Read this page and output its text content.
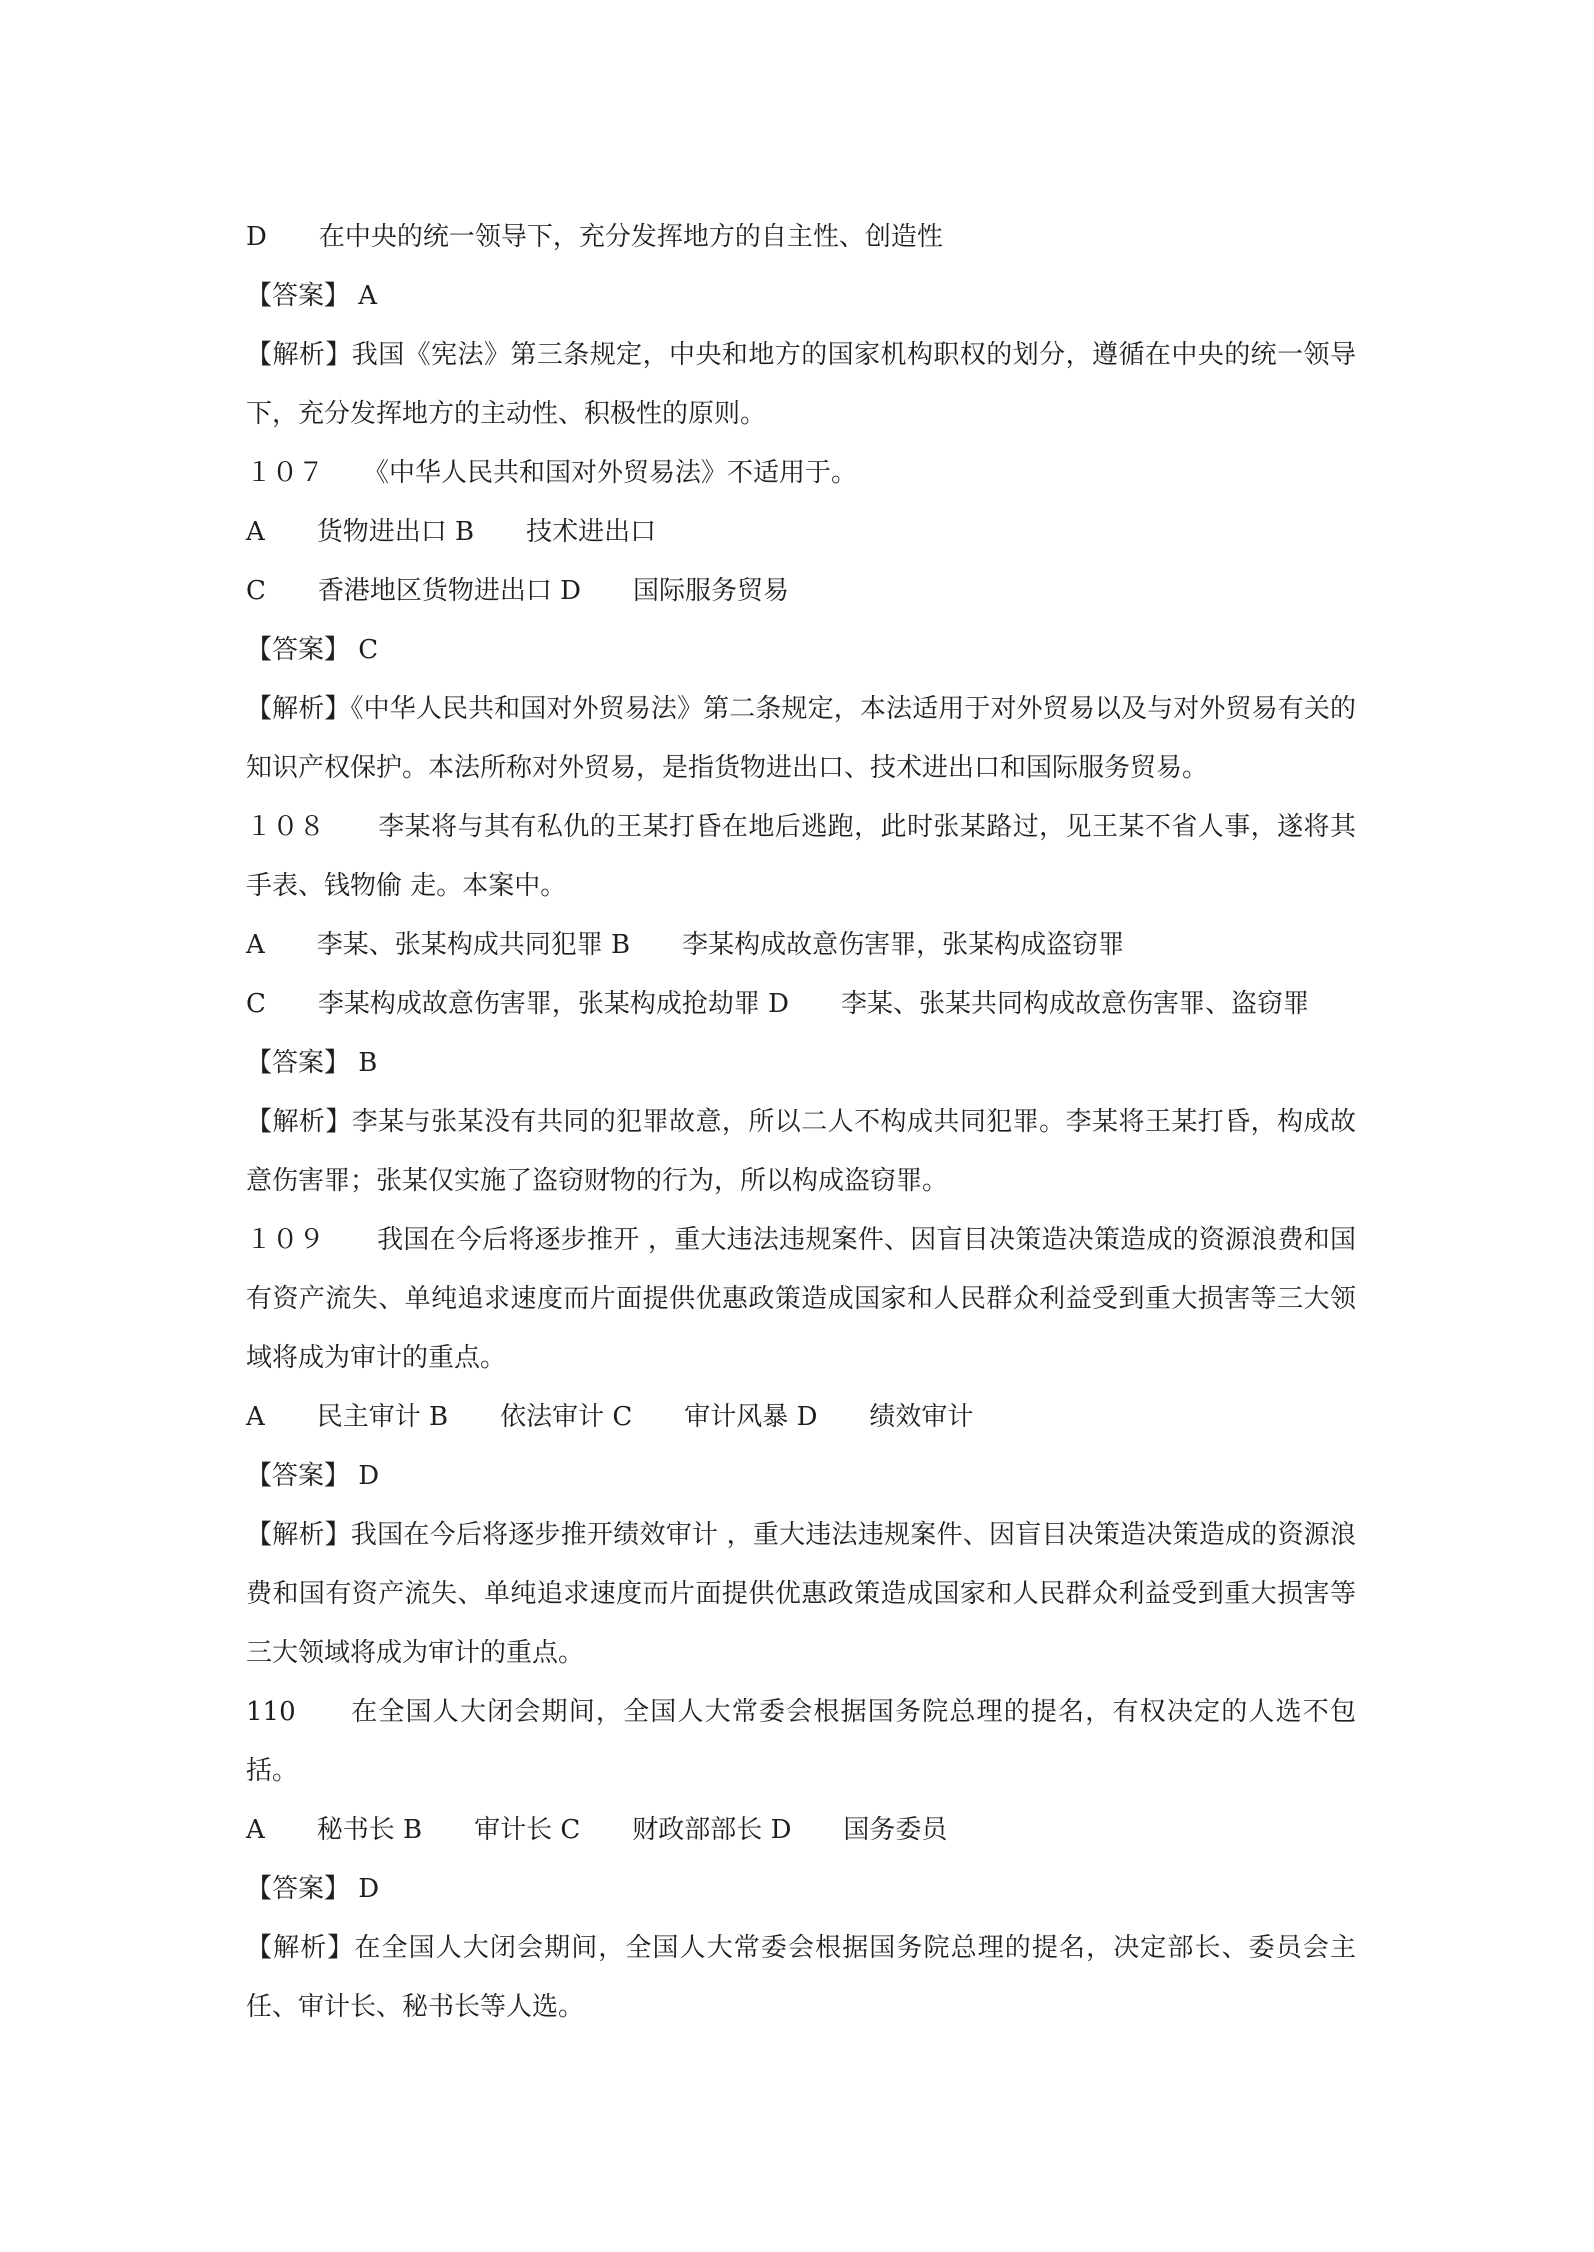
D　　在中央的统一领导下，充分发挥地方的自主性、创造性
【答案】 A
【解析】我国《宪法》第三条规定，中央和地方的国家机构职权的划分，遵循在中央的统一领导下，充分发挥地方的主动性、积极性的原则。
１０７　　《中华人民共和国对外贸易法》不适用于。
A　　货物进出口 B　　技术进出口
C　　香港地区货物进出口 D　　国际服务贸易
【答案】 C
【解析】《中华人民共和国对外贸易法》第二条规定，本法适用于对外贸易以及与对外贸易有关的知识产权保护。本法所称对外贸易，是指货物进出口、技术进出口和国际服务贸易。
１０８　　李某将与其有私仇的王某打昏在地后逃跑，此时张某路过，见王某不省人事，遂将其手表、钱物偷 走。本案中。
A　　李某、张某构成共同犯罪 B　　李某构成故意伤害罪，张某构成盗窃罪
C　　李某构成故意伤害罪，张某构成抢劫罪 D　　李某、张某共同构成故意伤害罪、盗窃罪
【答案】 B
【解析】李某与张某没有共同的犯罪故意，所以二人不构成共同犯罪。李某将王某打昏，构成故意伤害罪；张某仅实施了盗窃财物的行为，所以构成盗窃罪。
１０９　　我国在今后将逐步推开 ，重大违法违规案件、因盲目决策造决策造成的资源浪费和国有资产流失、单纯追求速度而片面提供优惠政策造成国家和人民群众利益受到重大损害等三大领域将成为审计的重点。
A　　民主审计 B　　依法审计 C　　审计风暴 D　　绩效审计
【答案】 D
【解析】我国在今后将逐步推开绩效审计 ，重大违法违规案件、因盲目决策造决策造成的资源浪费和国有资产流失、单纯追求速度而片面提供优惠政策造成国家和人民群众利益受到重大损害等三大领域将成为审计的重点。
110　　在全国人大闭会期间，全国人大常委会根据国务院总理的提名，有权决定的人选不包括。
A　　秘书长 B　　审计长 C　　财政部部长 D　　国务委员
【答案】 D
【解析】在全国人大闭会期间，全国人大常委会根据国务院总理的提名，决定部长、委员会主任、审计长、秘书长等人选。
